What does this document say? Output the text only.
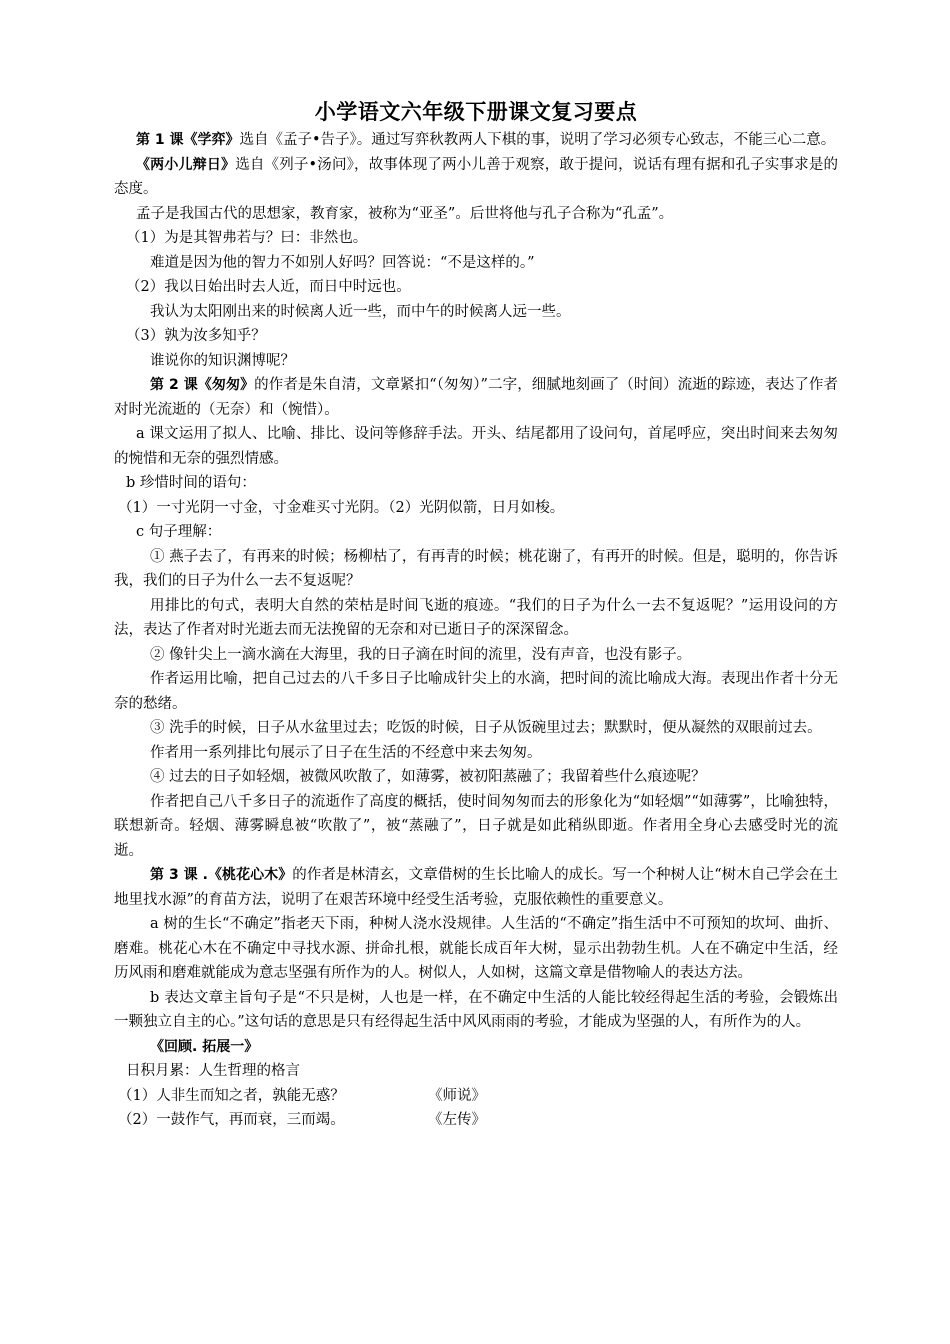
小学语文六年级下册课文复习要点

第 1 课《学弈》选自《孟子•告子》。通过写弈秋教两人下棋的事，说明了学习必须专心致志，不能三心二意。

《两小儿辩日》选自《列子•汤问》，故事体现了两小儿善于观察，敢于提问，说话有理有据和孔子实事求是的态度。

孟子是我国古代的思想家，教育家，被称为“亚圣”。后世将他与孔子合称为“孔孟”。

（1）为是其智弗若与？曰：非然也。

难道是因为他的智力不如别人好吗？回答说：“不是这样的。”

（2）我以日始出时去人近，而日中时远也。

我认为太阳刚出来的时候离人近一些，而中午的时候离人远一些。

（3）孰为汝多知乎？

谁说你的知识渊博呢？

第 2 课《匆匆》的作者是朱自清，文章紧扣“（匆匆）”二字，细腻地刻画了（时间）流逝的踪迹，表达了作者对时光流逝的（无奈）和（惋惜）。

a 课文运用了拟人、比喻、排比、设问等修辞手法。开头、结尾都用了设问句，首尾呼应，突出时间来去匆匆的惋惜和无奈的强烈情感。

b 珍惜时间的语句：

（1）一寸光阴一寸金，寸金难买寸光阴。（2）光阴似箭，日月如梭。

c 句子理解：

① 燕子去了，有再来的时候；杨柳枯了，有再青的时候；桃花谢了，有再开的时候。但是，聪明的，你告诉我，我们的日子为什么一去不复返呢？

用排比的句式，表明大自然的荣枯是时间飞逝的痕迹。“我们的日子为什么一去不复返呢？”运用设问的方法，表达了作者对时光逝去而无法挽留的无奈和对已逝日子的深深留念。

② 像针尖上一滴水滴在大海里，我的日子滴在时间的流里，没有声音，也没有影子。

作者运用比喻，把自己过去的八千多日子比喻成针尖上的水滴，把时间的流比喻成大海。表现出作者十分无奈的愁绪。

③ 洗手的时候，日子从水盆里过去；吃饭的时候，日子从饭碗里过去；默默时，便从凝然的双眼前过去。

作者用一系列排比句展示了日子在生活的不经意中来去匆匆。

④ 过去的日子如轻烟，被微风吹散了，如薄雾，被初阳蒸融了；我留着些什么痕迹呢？

作者把自己八千多日子的流逝作了高度的概括，使时间匆匆而去的形象化为“如轻烟”“如薄雾”，比喻独特，联想新奇。轻烟、薄雾瞬息被“吹散了”，被“蒸融了”，日子就是如此稍纵即逝。作者用全身心去感受时光的流逝。

第 3 课 .《桃花心木》的作者是林清玄，文章借树的生长比喻人的成长。写一个种树人让“树木自己学会在土地里找水源”的育苗方法，说明了在艰苦环境中经受生活考验，克服依赖性的重要意义。

a 树的生长“不确定”指老天下雨，种树人浇水没规律。人生活的“不确定”指生活中不可预知的坎坷、曲折、磨难。桃花心木在不确定中寻找水源、拼命扎根，就能长成百年大树，显示出勃勃生机。人在不确定中生活，经历风雨和磨难就能成为意志坚强有所作为的人。树似人，人如树，这篇文章是借物喻人的表达方法。

b 表达文章主旨句子是“不只是树，人也是一样，在不确定中生活的人能比较经得起生活的考验，会锻炼出一颗独立自主的心。”这句话的意思是只有经得起生活中风风雨雨的考验，才能成为坚强的人，有所作为的人。

《回顾. 拓展一》

日积月累：人生哲理的格言

（1）人非生而知之者，孰能无惑？	《师说》

（2）一鼓作气，再而衰，三而竭。	《左传》
